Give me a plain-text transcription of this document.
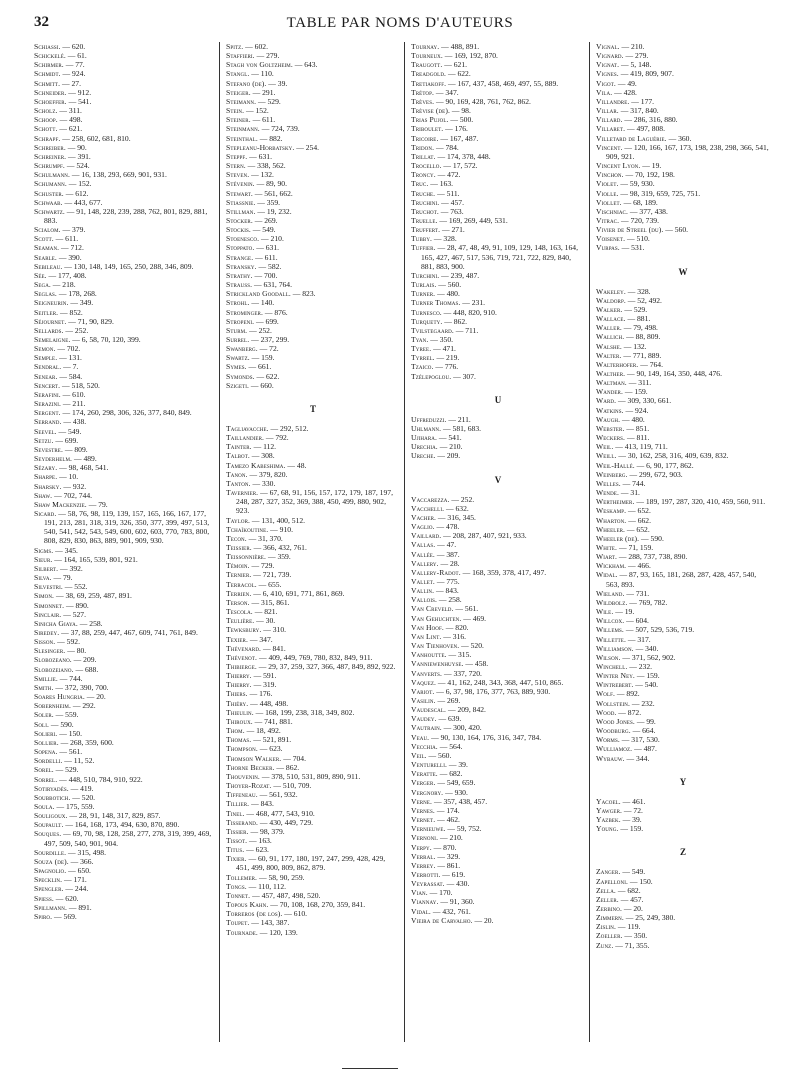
32	TABLE PAR NOMS D'AUTEURS
Schiassi. — 620.
Schickelé. — 61.
Schirmer. — 77.
Schmidt. — 924.
Schmitt. — 27.
Schneider. — 912.
Schoeffer. — 541.
Scholz. — 311.
Schoop. — 498.
Schott. — 621.
Schrapf. — 258, 602, 681, 810.
Schreiber. — 90.
Schreiner. — 391.
Schrumpf. — 524.
Schulmann. — 16, 138, 293, 669, 901, 931.
Schumann. — 152.
Schuster. — 612.
Schwaab. — 443, 677.
Schwartz. — 91, 148, 228, 239, 288, 762, 801, 829, 881, 883.
Scialom. — 379.
Scott. — 611.
Seaman. — 712.
Searle. — 390.
Sebileau. — 130, 148, 149, 165, 250, 288, 346, 809.
Sée. — 177, 408.
Sega. — 218.
Seglas. — 178, 268.
Seigneurin. — 349.
Seitler. — 852.
Séjournet. — 71, 90, 829.
Sellards. — 252.
Semelaigne. — 6, 58, 70, 120, 399.
Semon. — 702.
Semple. — 131.
Sendral. — 7.
Senear. — 584.
Sencert. — 518, 520.
Serafini. — 610.
Serazini. — 211.
Sergent. — 174, 260, 298, 306, 326, 377, 840, 849.
Serrand. — 438.
Seevel. — 549.
Setzu. — 699.
Sevestre. — 809.
Seyderhelm. — 489.
Sézary. — 98, 468, 541.
Sharpe. — 10.
Sharsky. — 932.
Shaw. — 702, 744.
Shaw Mackenzie. — 79.
Sicard. — 58, 76, 98, 119, 139, 157, 165, 166, 167, 177, 191, 213, 281, 318, 319, 326, 350, 377, 399, 497, 513, 540, 541, 542, 543, 549, 600, 602, 603, 770, 783, 800, 808, 829, 830, 863, 889, 901, 909, 930.
Sigms. — 345.
Sieur. — 164, 165, 539, 801, 921.
Silbert. — 392.
Silva. — 79.
Silvestri. — 552.
Simon. — 38, 69, 259, 487, 891.
Simonnet. — 890.
Sinclair. — 527.
Sinicha Giaya. — 258.
Siredey. — 37, 88, 259, 447, 467, 609, 741, 761, 849.
Sisson. — 592.
Slesinger. — 80.
Slobozeano. — 209.
Slobozeiano. — 688.
Smillie. — 744.
Smith. — 372, 390, 700.
Soares Hungria. — 20.
Sobernheim. — 292.
Soler. — 559.
Soli. — 590.
Solieri. — 150.
Sollier. — 268, 359, 600.
Sopena. — 561.
Sordelli. — 11, 52.
Sorel. — 529.
Sorrel. — 448, 510, 784, 910, 922.
Sotiryadès. — 419.
Soubbotich. — 520.
Soula. — 175, 559.
Souligoux. — 28, 91, 148, 317, 829, 857.
Soupault. — 164, 168, 173, 494, 630, 870, 890.
Souques. — 69, 70, 98, 128, 258, 277, 278, 319, 399, 469, 497, 509, 540, 901, 904.
Sourdille. — 315, 498.
Souza (de). — 366.
Spagnolio. — 650.
Specklin. — 171.
Spengler. — 244.
Spiess. — 620.
Spillmann. — 891.
Spiro. — 569.
Spitz. — 602.
Staffieri. — 279.
Stagh von Goltzheim. — 643.
Stangl. — 110.
Stefano (de). — 39.
Steiger. — 291.
Steimann. — 529.
Stein. — 152.
Steiner. — 611.
Steinmann. — 724, 739.
Steinthal. — 882.
Stepleanu-Horbatsky. — 254.
Steppf. — 631.
Stern. — 338, 562.
Steven. — 132.
Stévenin. — 89, 90.
Stewart. — 561, 662.
Stiassnie. — 359.
Stillman. — 19, 232.
Stocker. — 269.
Stockis. — 549.
Stoenesco. — 210.
Stoppato. — 631.
Strange. — 611.
Stransky. — 582.
Strathy. — 700.
Strauss. — 631, 764.
Strickland Goodall. — 823.
Strohl. — 140.
Strominger. — 876.
Stropeni. — 699.
Sturm. — 252.
Surrel. — 237, 299.
Swanberg. — 72.
Swartz. — 159.
Symes. — 661.
Symonds. — 622.
Szigeti. — 660.
T
Tagliavacche. — 292, 512.
Taillandier. — 792.
Tainter. — 112.
Talbot. — 308.
Tamezo Kabeshima. — 48.
Tanon. — 379, 820.
Tanton. — 330.
Tavernier. — 67, 68, 91, 156, 157, 172, 179, 187, 197, 248, 287, 327, 352, 369, 388, 450, 499, 880, 902, 923.
Taylor. — 131, 400, 512.
Tchaïkoutine. — 910.
Tecon. — 31, 370.
Teissier. — 366, 432, 761.
Teissonnière. — 359.
Témoin. — 729.
Ternier. — 721, 739.
Terracol. — 655.
Terrien. — 6, 410, 691, 771, 861, 869.
Terson. — 315, 861.
Tescola. — 821.
Teulière. — 30.
Tewksbury. — 310.
Texier. — 347.
Thévenard. — 841.
Thévenot. — 409, 449, 769, 780, 832, 849, 911.
Thibierge. — 29, 37, 259, 327, 366, 487, 849, 892, 922.
Thierry. — 591.
Thierry. — 319.
Thiers. — 176.
Thiéry. — 448, 498.
Thieulin. — 168, 199, 238, 318, 349, 802.
Thiroux. — 741, 881.
Thom. — 18, 492.
Thomas. — 521, 891.
Thompson. — 623.
Thomson Walker. — 704.
Thorne Becker. — 862.
Thouvenin. — 378, 510, 531, 809, 890, 911.
Thoyer-Rozat. — 510, 709.
Tiffeneau. — 561, 932.
Tillier. — 843.
Tinel. — 468, 477, 543, 910.
Tisserand. — 430, 449, 729.
Tissier. — 98, 379.
Tissot. — 163.
Titus. — 623.
Tixier. — 60, 91, 177, 180, 197, 247, 299, 428, 429, 451, 499, 800, 809, 862, 879.
Tollemer. — 58, 90, 259.
Tongs. — 110, 112.
Tonnet. — 457, 487, 498, 520.
Topous Kahn. — 70, 108, 168, 270, 359, 841.
Torreros (de los). — 610.
Toupet. — 143, 387.
Tournade. — 120, 139.
Tournay. — 488, 891.
Tourneux. — 169, 192, 870.
Traugott. — 621.
Treadgold. — 622.
Tretiakoff. — 167, 437, 458, 469, 497, 55, 889.
Trétop. — 347.
Trèves. — 90, 169, 428, 761, 762, 862.
Trèvise (de). — 98.
Trias Pujol. — 500.
Triboulet. — 176.
Tricoire. — 167, 487.
Tridon. — 784.
Trillat. — 174, 378, 448.
Trocello. — 17, 572.
Troncy. — 472.
Truc. — 163.
Truche. — 511.
Truchini. — 457.
Truchot. — 763.
Truelle. — 169, 269, 449, 531.
Truffert. — 271.
Tubby. — 328.
Tuffier. — 28, 47, 48, 49, 91, 109, 129, 148, 163, 164, 165, 427, 467, 517, 536, 719, 721, 722, 829, 840, 881, 883, 900.
Turchini. — 239, 487.
Turlais. — 560.
Turner. — 480.
Turner Thomas. — 231.
Turnesco. — 448, 820, 910.
Turquety. — 862.
Tvilstegaard. — 711.
Tyan. — 350.
Tyree. — 471.
Tyrrel. — 219.
Tzaico. — 776.
Tzélepoglou. — 307.
U
Uffreduzzi. — 211.
Uhlmann. — 581, 683.
Ujihara. — 541.
Urechia. — 210.
Ureche. — 209.
V
Vaccarezza. — 252.
Vacchelli. — 632.
Vacher. — 316, 345.
Vaglio. — 478.
Vaillard. — 208, 287, 407, 921, 933.
Vallas. — 47.
Vallée. — 387.
Vallery. — 28.
Vallery-Radot. — 168, 359, 378, 417, 497.
Vallet. — 775.
Vallin. — 843.
Vallois. — 258.
Van Creveld. — 561.
Van Gehuchten. — 469.
Van Hoof. — 820.
Van Lint. — 316.
Van Tienhoven. — 520.
Vanhoutte. — 315.
Vanniewenhuyse. — 458.
Vanverts. — 337, 720.
Vaquez. — 41, 162, 248, 343, 368, 447, 510, 865.
Variot. — 6, 37, 98, 176, 377, 763, 889, 930.
Vasilin. — 269.
Vaudescal. — 209, 842.
Vaudey. — 639.
Vautrain. — 300, 420.
Veau. — 90, 130, 164, 176, 316, 347, 784.
Vecchia. — 564.
Veil. — 560.
Venturelli. — 39.
Veratte. — 682.
Verger. — 549, 659.
Vergnory. — 930.
Verne. — 357, 438, 457.
Vernes. — 174.
Vernet. — 462.
Vernieuwe. — 59, 752.
Vernoni. — 210.
Verpy. — 870.
Verral. — 329.
Verrey. — 861.
Verrotti. — 619.
Veyrassat. — 430.
Vian. — 170.
Viannay. — 91, 360.
Vidal. — 432, 761.
Vieira de Carvalho. — 20.
Vignal. — 210.
Vignard. — 279.
Vignat. — 5, 148.
Vignes. — 419, 809, 907.
Vigot. — 49.
Vila. — 428.
Villandre. — 177.
Villar. — 317, 840.
Villard. — 286, 316, 880.
Villaret. — 497, 808.
Villetard de Laguérie. — 360.
Vincent. — 120, 166, 167, 173, 198, 238, 298, 366, 541, 909, 921.
Vincent Lyon. — 19.
Vinchon. — 70, 192, 198.
Violet. — 59, 930.
Violle. — 98, 319, 659, 725, 751.
Viollet. — 68, 189.
Vischniac. — 377, 438.
Vitrac. — 720, 739.
Vivier de Streel (du). — 560.
Voisenet. — 510.
Vurpas. — 531.
W
Wakeley. — 328.
Waldorp. — 52, 492.
Walker. — 529.
Wallace. — 881.
Waller. — 79, 498.
Wallich. — 88, 809.
Walshe. — 132.
Walter. — 771, 889.
Walterhofer. — 764.
Walther. — 90, 149, 164, 350, 448, 476.
Waltman. — 311.
Wander. — 159.
Ward. — 309, 330, 661.
Watkins. — 924.
Waugh. — 480.
Webster. — 851.
Weckers. — 811.
Weil. — 413, 119, 711.
Weill. — 30, 162, 258, 316, 409, 639, 832.
Weil-Hallé. — 6, 90, 177, 862.
Weinberg. — 299, 672, 903.
Welles. — 744.
Wende. — 31.
Wertheimer. — 189, 197, 287, 320, 410, 459, 560, 911.
Weskamp. — 652.
Wharton. — 662.
Wheeler. — 652.
Wheeler (de). — 590.
White. — 71, 159.
Wiart. — 288, 737, 738, 890.
Wickham. — 466.
Widal. — 87, 93, 165, 181, 268, 287, 428, 457, 540, 563, 893.
Wieland. — 731.
Wildbolz. — 769, 782.
Wile. — 19.
Willcox. — 604.
Willems. — 507, 529, 536, 719.
Willette. — 317.
Williamson. — 340.
Wilson. — 371, 562, 902.
Winchell. — 232.
Winter Ney. — 159.
Wintrebert. — 540.
Wolf. — 892.
Wollstein. — 232.
Wood. — 872.
Wood Jones. — 99.
Woodburg. — 664.
Worms. — 317, 530.
Wulliamoz. — 487.
Wybauw. — 344.
Y
Yacoel. — 461.
Yawger. — 72.
Yazbek. — 39.
Young. — 159.
Z
Zanger. — 549.
Zapelloni. — 150.
Zella. — 682.
Zeller. — 457.
Zerbino. — 20.
Zimmern. — 25, 249, 380.
Zislin. — 119.
Zoeller. — 350.
Zunz. — 71, 355.
